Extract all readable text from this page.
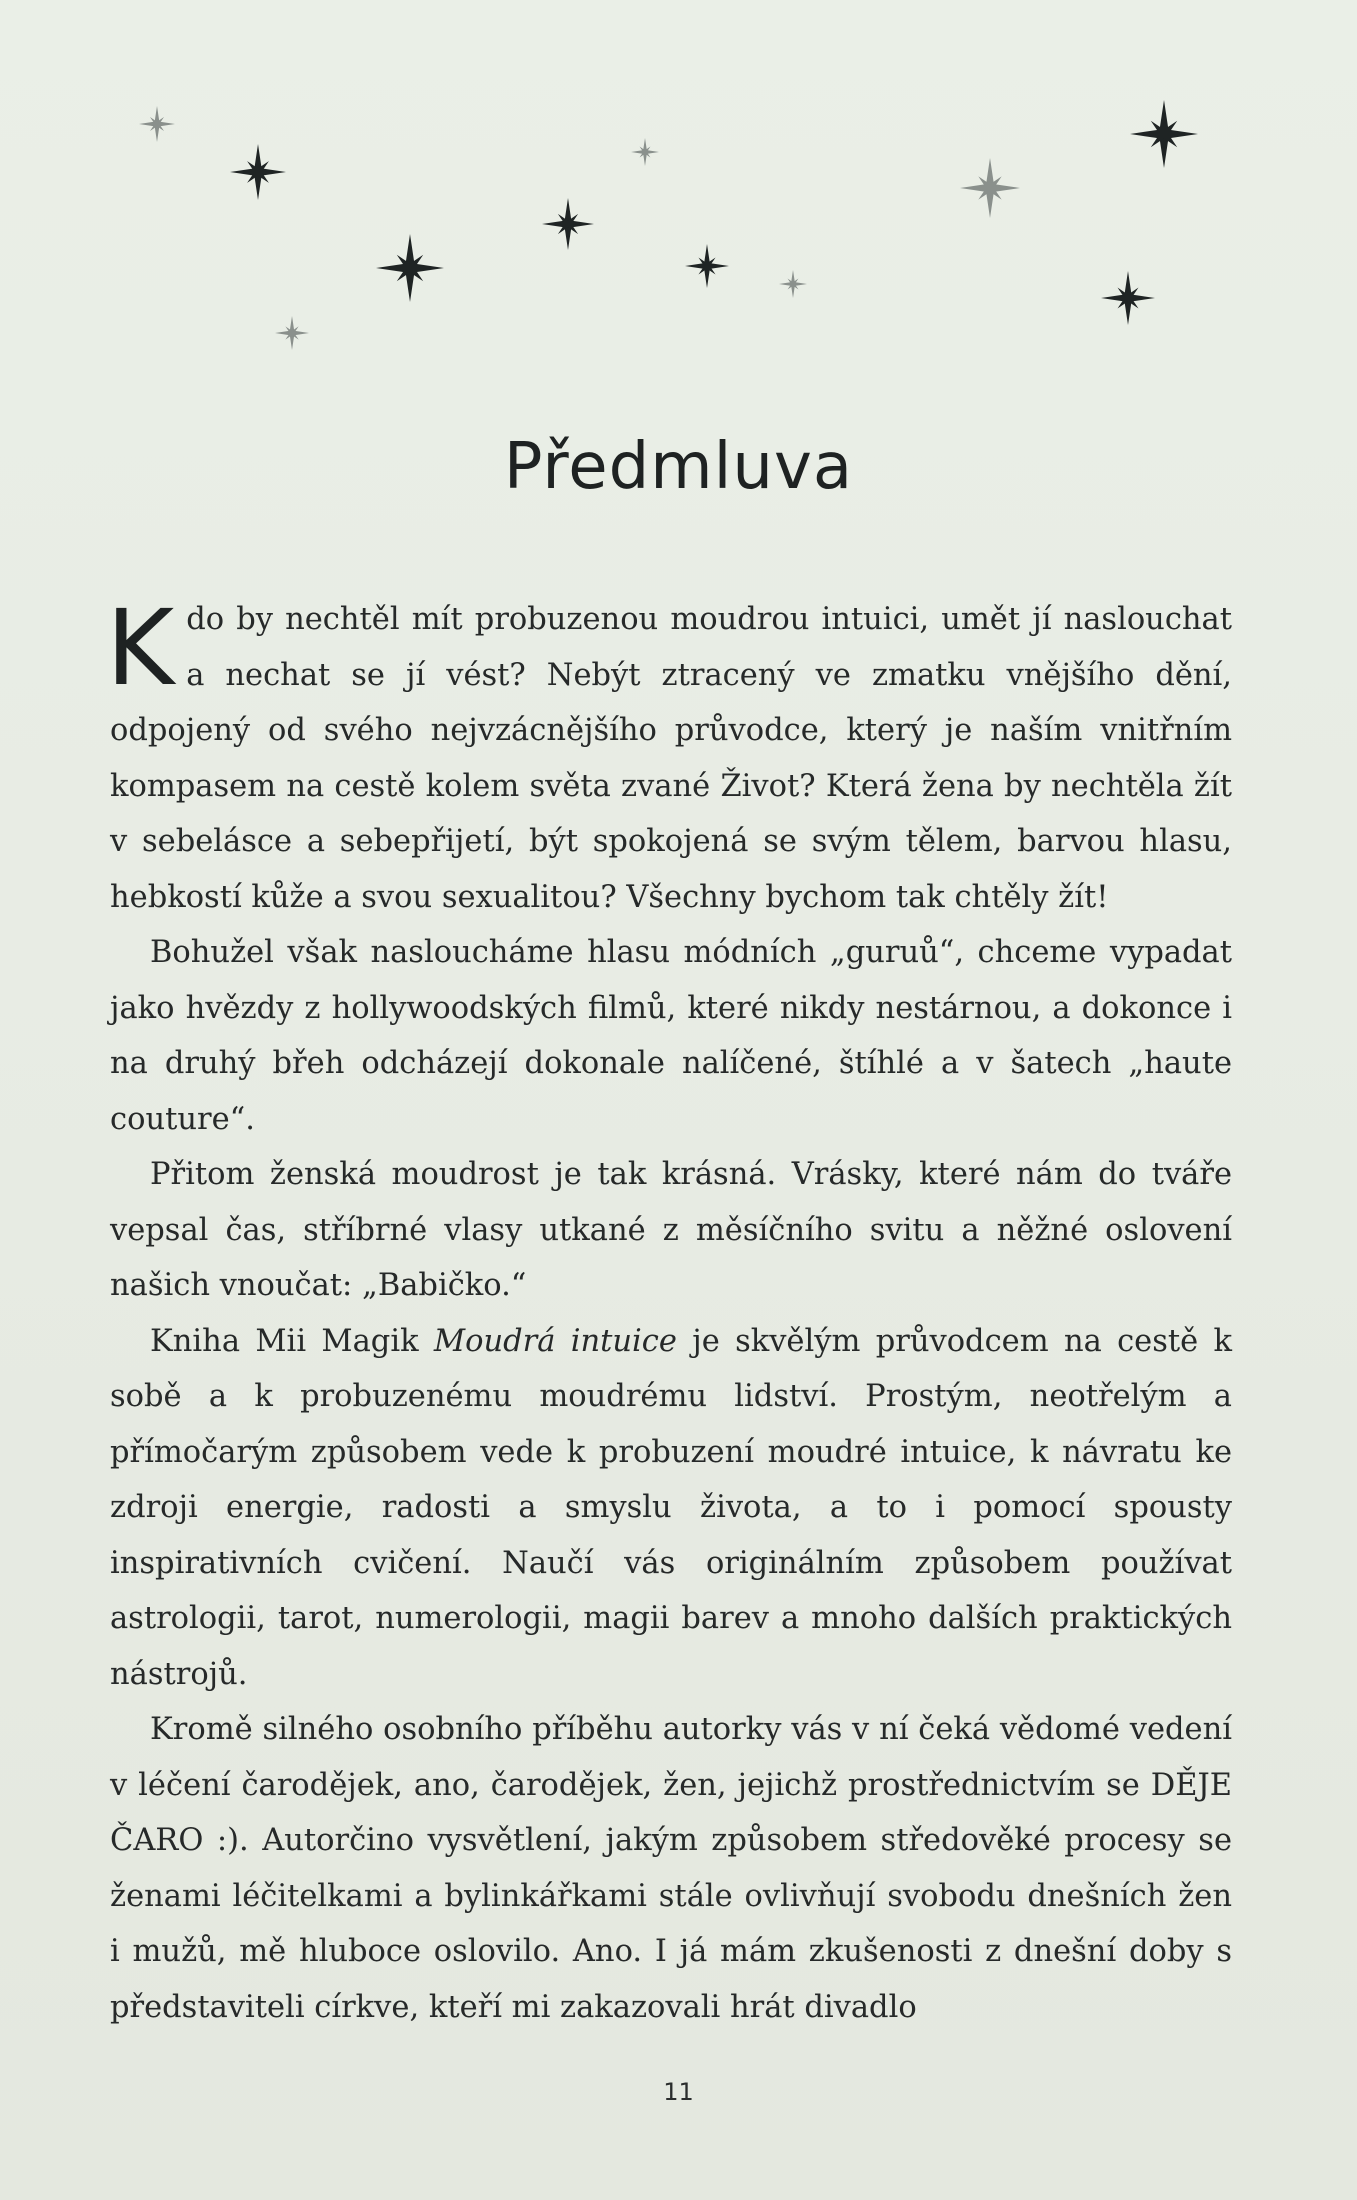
Předmluva

Kdo by nechtěl mít probuzenou moudrou intuici, umět jí naslouchat a nechat se jí vést? Nebýt ztracený ve zmatku vnějšího dění, odpojený od svého nejvzácnějšího průvodce, který je naším vnitřním kompasem na cestě kolem světa zvané Život? Která žena by nechtěla žít v sebelásce a sebepřijetí, být spokojená se svým tělem, barvou hlasu, hebkostí kůže a svou sexualitou? Všechny bychom tak chtěly žít!

Bohužel však nasloucháme hlasu módních „guruů“, chceme vypadat jako hvězdy z hollywoodských filmů, které nikdy nestárnou, a dokonce i na druhý břeh odcházejí dokonale nalíčené, štíhlé a v šatech „haute couture“.

Přitom ženská moudrost je tak krásná. Vrásky, které nám do tváře vepsal čas, stříbrné vlasy utkané z měsíčního svitu a něžné oslovení našich vnoučat: „Babičko.“

Kniha Mii Magik Moudrá intuice je skvělým průvodcem na cestě k sobě a k probuzenému moudrému lidství. Prostým, neotřelým a přímočarým způsobem vede k probuzení moudré intuice, k návratu ke zdroji energie, radosti a smyslu života, a to i pomocí spousty inspirativních cvičení. Naučí vás originálním způsobem používat astrologii, tarot, numerologii, magii barev a mnoho dalších praktických nástrojů.

Kromě silného osobního příběhu autorky vás v ní čeká vědomé vedení v léčení čarodějek, ano, čarodějek, žen, jejichž prostřednictvím se DĚJE ČARO :). Autorčino vysvětlení, jakým způsobem středověké procesy se ženami léčitelkami a bylinkářkami stále ovlivňují svobodu dnešních žen i mužů, mě hluboce oslovilo. Ano. I já mám zkušenosti z dnešní doby s představiteli církve, kteří mi zakazovali hrát divadlo

11
